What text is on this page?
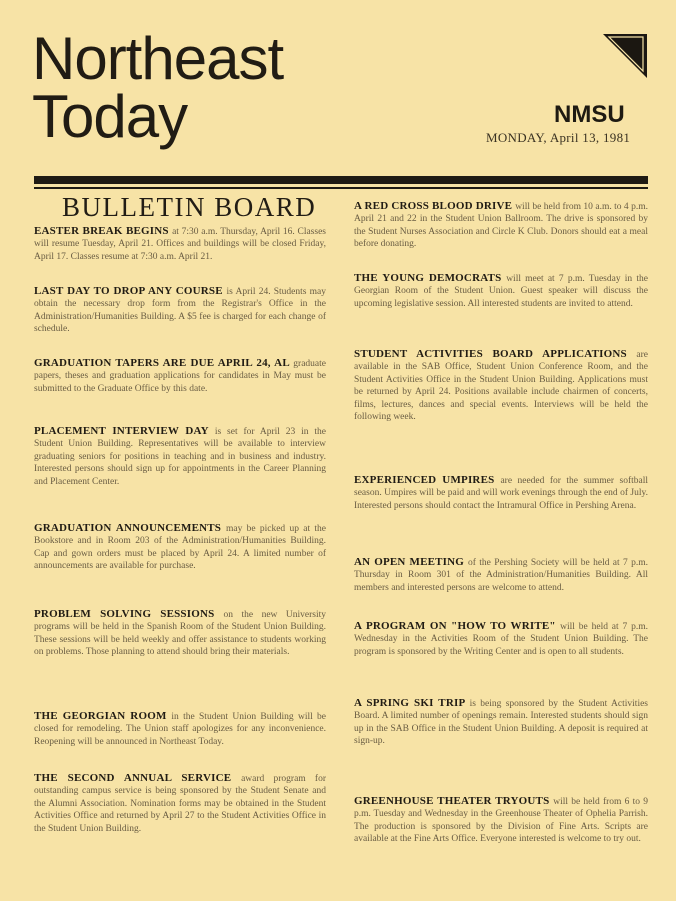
Northeast
Today	NMSU
MONDAY, April 13, 1981
BULLETIN BOARD
EASTER BREAK BEGINS at 7:30 a.m. Thursday, April 16. Classes will resume Tuesday, April 21. Offices and buildings will be closed Friday, April 17. Classes resume at 7:30 a.m. April 21.
LAST DAY TO DROP ANY COURSE is April 24. Students may obtain the necessary drop form from the Registrar's Office in the Administration/Humanities Building. A $5 fee is charged for each change of schedule.
GRADUATION TAPERS ARE DUE APRIL 24, AL graduate papers, theses and graduation applications for candidates in May must be submitted to the Graduate Office by this date.
PLACEMENT INTERVIEW DAY is set for April 23 in the Student Union Building. Representatives will be available to interview graduating seniors for positions in teaching and in business and industry. Interested persons should sign up for appointments in the Career Planning and Placement Center.
GRADUATION ANNOUNCEMENTS may be picked up at the Bookstore and in Room 203 of the Administration/Humanities Building. Cap and gown orders must be placed by April 24. A limited number of announcements are available for purchase.
PROBLEM SOLVING SESSIONS on the new University programs will be held in the Spanish Room of the Student Union Building. These sessions will be held weekly and offer assistance to students working on problems. Those planning to attend should bring their materials.
THE GEORGIAN ROOM in the Student Union Building will be closed for remodeling. The Union staff apologizes for any inconvenience. Reopening will be announced in Northeast Today.
THE SECOND ANNUAL SERVICE award program for outstanding campus service is being sponsored by the Student Senate and the Alumni Association. Nomination forms may be obtained in the Student Activities Office and returned by April 27 to the Student Activities Office in the Student Union Building.
A RED CROSS BLOOD DRIVE will be held from 10 a.m. to 4 p.m. April 21 and 22 in the Student Union Ballroom. The drive is sponsored by the Student Nurses Association and Circle K Club. Donors should eat a meal before donating.
THE YOUNG DEMOCRATS will meet at 7 p.m. Tuesday in the Georgian Room of the Student Union. Guest speaker will discuss the upcoming legislative session. All interested students are invited to attend.
STUDENT ACTIVITIES BOARD APPLICATIONS are available in the SAB Office, Student Union Conference Room, and the Student Activities Office in the Student Union Building. Applications must be returned by April 24. Positions available include chairmen of concerts, films, lectures, dances and special events. Interviews will be held the following week.
EXPERIENCED UMPIRES are needed for the summer softball season. Umpires will be paid and will work evenings through the end of July. Interested persons should contact the Intramural Office in Pershing Arena.
AN OPEN MEETING of the Pershing Society will be held at 7 p.m. Thursday in Room 301 of the Administration/Humanities Building. All members and interested persons are welcome to attend.
A PROGRAM ON "HOW TO WRITE" will be held at 7 p.m. Wednesday in the Activities Room of the Student Union Building. The program is sponsored by the Writing Center and is open to all students.
A SPRING SKI TRIP is being sponsored by the Student Activities Board. A limited number of openings remain. Interested students should sign up in the SAB Office in the Student Union Building. A deposit is required at sign-up.
GREENHOUSE THEATER TRYOUTS will be held from 6 to 9 p.m. Tuesday and Wednesday in the Greenhouse Theater of Ophelia Parrish. The production is sponsored by the Division of Fine Arts. Scripts are available at the Fine Arts Office. Everyone interested is welcome to try out.
